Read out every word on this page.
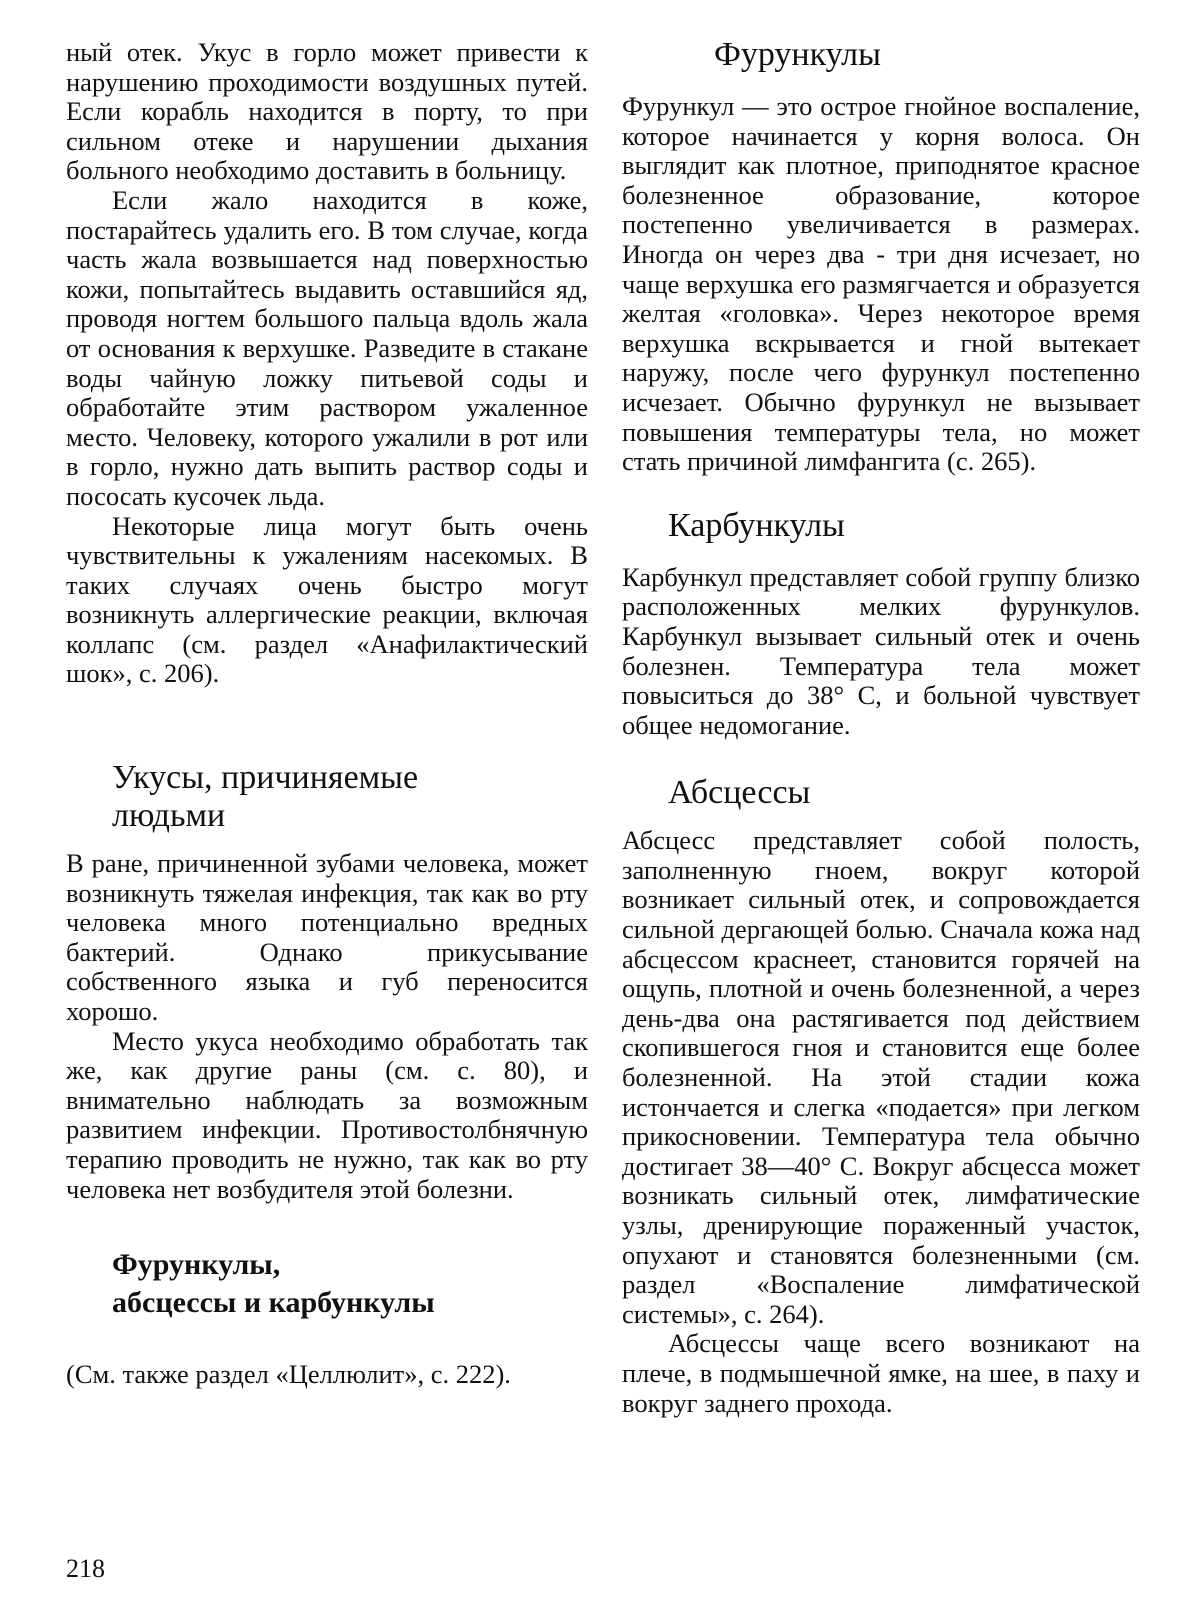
ный отек. Укус в горло может привести к нарушению проходимости воздушных путей. Если корабль находится в порту, то при сильном отеке и нарушении дыхания больного необходимо доставить в больницу.

Если жало находится в коже, постарайтесь удалить его. В том случае, когда часть жала возвышается над поверхностью кожи, попытайтесь выдавить оставшийся яд, проводя ногтем большого пальца вдоль жала от основания к верхушке. Разведите в стакане воды чайную ложку питьевой соды и обработайте этим раствором ужаленное место. Человеку, которого ужалили в рот или в горло, нужно дать выпить раствор соды и пососать кусочек льда.

Некоторые лица могут быть очень чувствительны к ужалениям насекомых. В таких случаях очень быстро могут возникнуть аллергические реакции, включая коллапс (см. раздел «Анафилактический шок», с. 206).

Укусы, причиняемые
людьми

В ране, причиненной зубами человека, может возникнуть тяжелая инфекция, так как во рту человека много потенциально вредных бактерий. Однако прикусывание собственного языка и губ переносится хорошо.

Место укуса необходимо обработать так же, как другие раны (см. с. 80), и внимательно наблюдать за возможным развитием инфекции. Противостолбнячную терапию проводить не нужно, так как во рту человека нет возбудителя этой болезни.

Фурункулы,
абсцессы и карбункулы

(См. также раздел «Целлюлит», с. 222).

Фурункулы

Фурункул — это острое гнойное воспаление, которое начинается у корня волоса. Он выглядит как плотное, приподнятое красное болезненное образование, которое постепенно увеличивается в размерах. Иногда он через два - три дня исчезает, но чаще верхушка его размягчается и образуется желтая «головка». Через некоторое время верхушка вскрывается и гной вытекает наружу, после чего фурункул постепенно исчезает. Обычно фурункул не вызывает повышения температуры тела, но может стать причиной лимфангита (с. 265).

Карбункулы

Карбункул представляет собой группу близко расположенных мелких фурункулов. Карбункул вызывает сильный отек и очень болезнен. Температура тела может повыситься до 38° С, и больной чувствует общее недомогание.

Абсцессы

Абсцесс представляет собой полость, заполненную гноем, вокруг которой возникает сильный отек, и сопровождается сильной дергающей болью. Сначала кожа над абсцессом краснеет, становится горячей на ощупь, плотной и очень болезненной, а через день-два она растягивается под действием скопившегося гноя и становится еще более болезненной. На этой стадии кожа истончается и слегка «подается» при легком прикосновении. Температура тела обычно достигает 38—40° С. Вокруг абсцесса может возникать сильный отек, лимфатические узлы, дренирующие пораженный участок, опухают и становятся болезненными (см. раздел «Воспаление лимфатической системы», с. 264).

Абсцессы чаще всего возникают на плече, в подмышечной ямке, на шее, в паху и вокруг заднего прохода.

218
